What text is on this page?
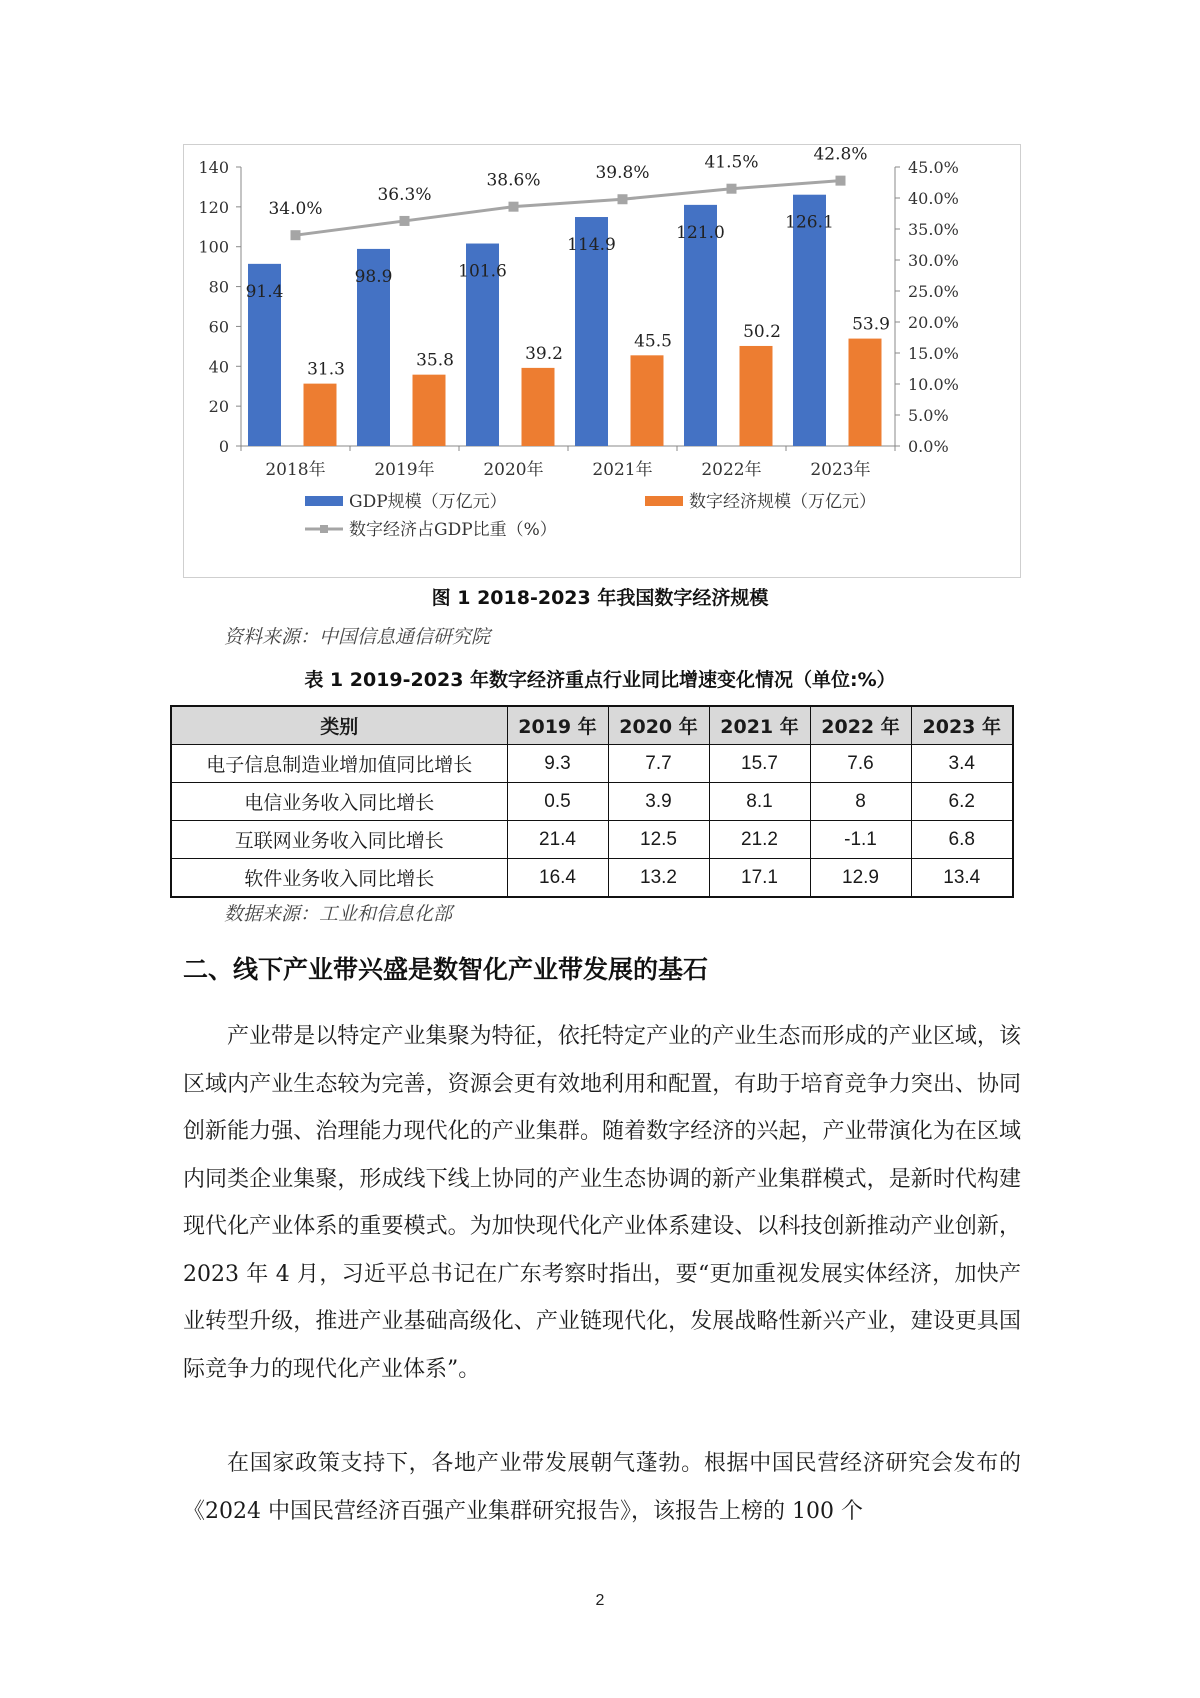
0
20
40
60
80
100
120
140
0.0%
5.0%
10.0%
15.0%
20.0%
25.0%
30.0%
35.0%
40.0%
45.0%
2018年	2019年	2020年	2021年	2022年	2023年
91.4
98.9	101.6
114.9
121.0
126.1
31.3	35.8	39.2
45.5	50.2	53.9
34.0%
36.3%
38.6%	39.8%
41.5%	42.8%
GDP规模（万亿元）	数字经济规模（万亿元）
数字经济占GDP比重（%）
图 1 2018-2023 年我国数字经济规模
资料来源：中国信息通信研究院
表 1 2019-2023 年数字经济重点行业同比增速变化情况（单位:%）
类别	2019 年	2020 年	2021 年	2022 年	2023 年
电子信息制造业增加值同比增长	9.3	7.7	15.7	7.6	3.4
电信业务收入同比增长	0.5	3.9	8.1	8	6.2
互联网业务收入同比增长	21.4	12.5	21.2	-1.1	6.8
软件业务收入同比增长	16.4	13.2	17.1	12.9	13.4
数据来源：工业和信息化部
二、线下产业带兴盛是数智化产业带发展的基石

产业带是以特定产业集聚为特征，依托特定产业的产业生态而形成的产业区域，该区域内产业生态较为完善，资源会更有效地利用和配置，有助于培育竞争力突出、协同创新能力强、治理能力现代化的产业集群。随着数字经济的兴起，产业带演化为在区域内同类企业集聚，形成线下线上协同的产业生态协调的新产业集群模式，是新时代构建现代化产业体系的重要模式。为加快现代化产业体系建设、以科技创新推动产业创新，2023 年 4 月，习近平总书记在广东考察时指出，要“更加重视发展实体经济，加快产业转型升级，推进产业基础高级化、产业链现代化，发展战略性新兴产业，建设更具国际竞争力的现代化产业体系”。

在国家政策支持下，各地产业带发展朝气蓬勃。根据中国民营经济研究会发布的《2024 中国民营经济百强产业集群研究报告》，该报告上榜的 100 个

2
